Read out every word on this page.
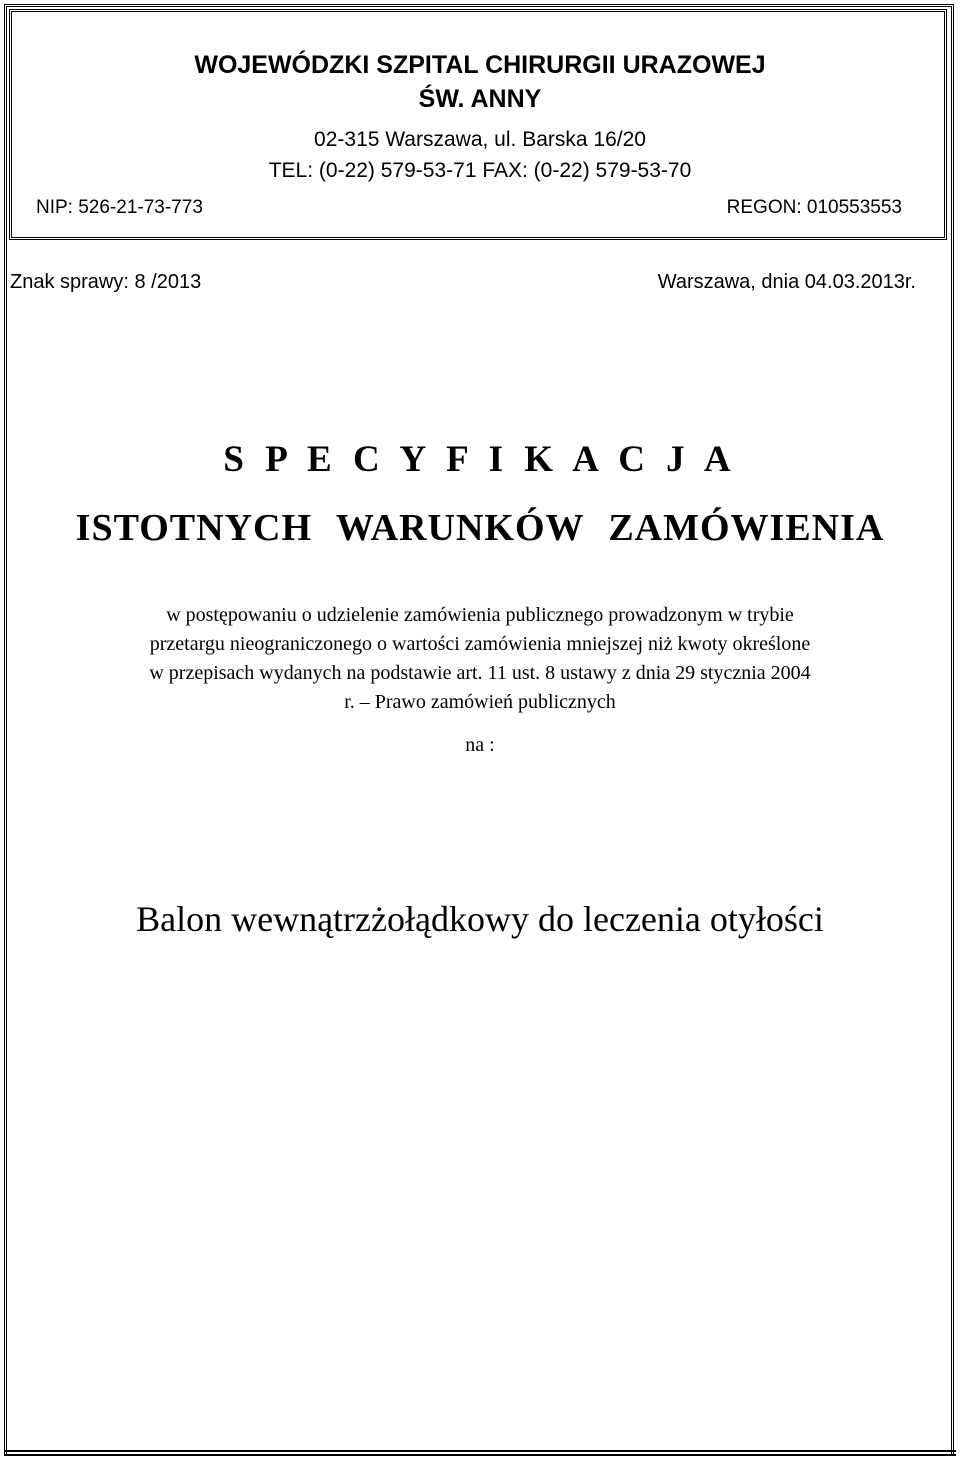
WOJEWÓDZKI SZPITAL CHIRURGII URAZOWEJ
ŚW. ANNY
02-315 Warszawa, ul. Barska 16/20
TEL: (0-22) 579-53-71 FAX: (0-22) 579-53-70
NIP: 526-21-73-773	REGON: 010553553
Znak sprawy: 8 /2013	Warszawa, dnia 04.03.2013r.
S P E C Y F I K A C J A
ISTOTNYCH WARUNKÓW ZAMÓWIENIA
w postępowaniu o udzielenie zamówienia publicznego prowadzonym w trybie
przetargu nieograniczonego o wartości zamówienia mniejszej niż kwoty określone
w przepisach wydanych na podstawie art. 11 ust. 8 ustawy z dnia 29 stycznia 2004
r. – Prawo zamówień publicznych
na :
Balon wewnątrzżołądkowy do leczenia otyłości
